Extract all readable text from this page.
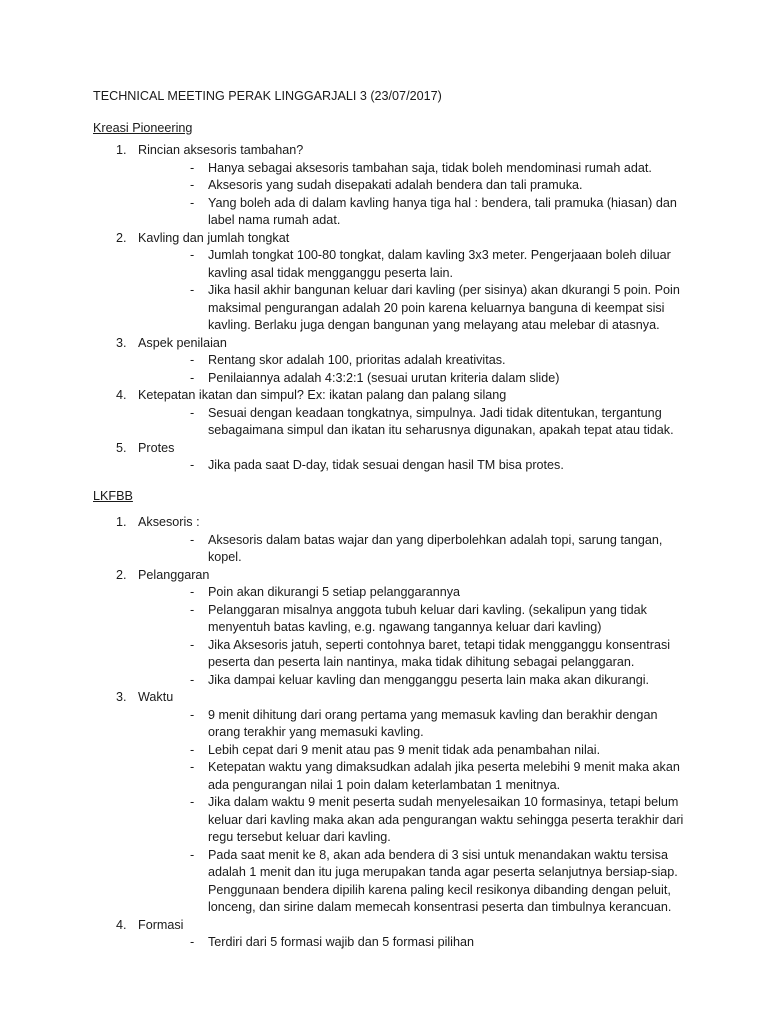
TECHNICAL MEETING PERAK LINGGARJALI 3 (23/07/2017)
Kreasi Pioneering
1. Rincian aksesoris tambahan?
- Hanya sebagai aksesoris tambahan saja, tidak boleh mendominasi rumah adat.
- Aksesoris yang sudah disepakati adalah bendera dan tali pramuka.
- Yang boleh ada di dalam kavling hanya tiga hal : bendera, tali pramuka (hiasan) dan label nama rumah adat.
2. Kavling dan jumlah tongkat
- Jumlah tongkat 100-80 tongkat, dalam kavling 3x3 meter. Pengerjaaan boleh diluar kavling asal tidak mengganggu peserta lain.
- Jika hasil akhir bangunan keluar dari kavling (per sisinya) akan dkurangi 5 poin. Poin maksimal pengurangan adalah 20 poin karena keluarnya banguna di keempat sisi kavling. Berlaku juga dengan bangunan yang melayang atau melebar di atasnya.
3. Aspek penilaian
- Rentang skor adalah 100, prioritas adalah kreativitas.
- Penilaiannya adalah 4:3:2:1 (sesuai urutan kriteria dalam slide)
4. Ketepatan ikatan dan simpul? Ex: ikatan palang dan palang silang
- Sesuai dengan keadaan tongkatnya, simpulnya. Jadi tidak ditentukan, tergantung sebagaimana simpul dan ikatan itu seharusnya digunakan, apakah tepat atau tidak.
5. Protes
- Jika pada saat D-day, tidak sesuai dengan hasil TM bisa protes.
LKFBB
1. Aksesoris :
- Aksesoris dalam batas wajar dan yang diperbolehkan adalah topi, sarung tangan, kopel.
2. Pelanggaran
- Poin akan dikurangi 5 setiap pelanggarannya
- Pelanggaran misalnya anggota tubuh keluar dari kavling. (sekalipun yang tidak menyentuh batas kavling, e.g. ngawang tangannya keluar dari kavling)
- Jika Aksesoris jatuh, seperti contohnya baret, tetapi tidak mengganggu konsentrasi peserta dan peserta lain nantinya, maka tidak dihitung sebagai pelanggaran.
- Jika dampai keluar kavling dan mengganggu peserta lain maka akan dikurangi.
3. Waktu
- 9 menit dihitung dari orang pertama yang memasuk kavling dan berakhir dengan orang terakhir yang memasuki kavling.
- Lebih cepat dari 9 menit atau pas 9 menit tidak ada penambahan nilai.
- Ketepatan waktu yang dimaksudkan adalah jika peserta melebihi 9 menit maka akan ada pengurangan nilai 1 poin dalam keterlambatan 1 menitnya.
- Jika dalam waktu 9 menit peserta sudah menyelesaikan 10 formasinya, tetapi belum keluar dari kavling maka akan ada pengurangan waktu sehingga peserta terakhir dari regu tersebut keluar dari kavling.
- Pada saat menit ke 8, akan ada bendera di 3 sisi untuk menandakan waktu tersisa adalah 1 menit dan itu juga merupakan tanda agar peserta selanjutnya bersiap-siap. Penggunaan bendera dipilih karena paling kecil resikonya dibanding dengan peluit, lonceng, dan sirine dalam memecah konsentrasi peserta dan timbulnya kerancuan.
4. Formasi
- Terdiri dari 5 formasi wajib dan 5 formasi pilihan
